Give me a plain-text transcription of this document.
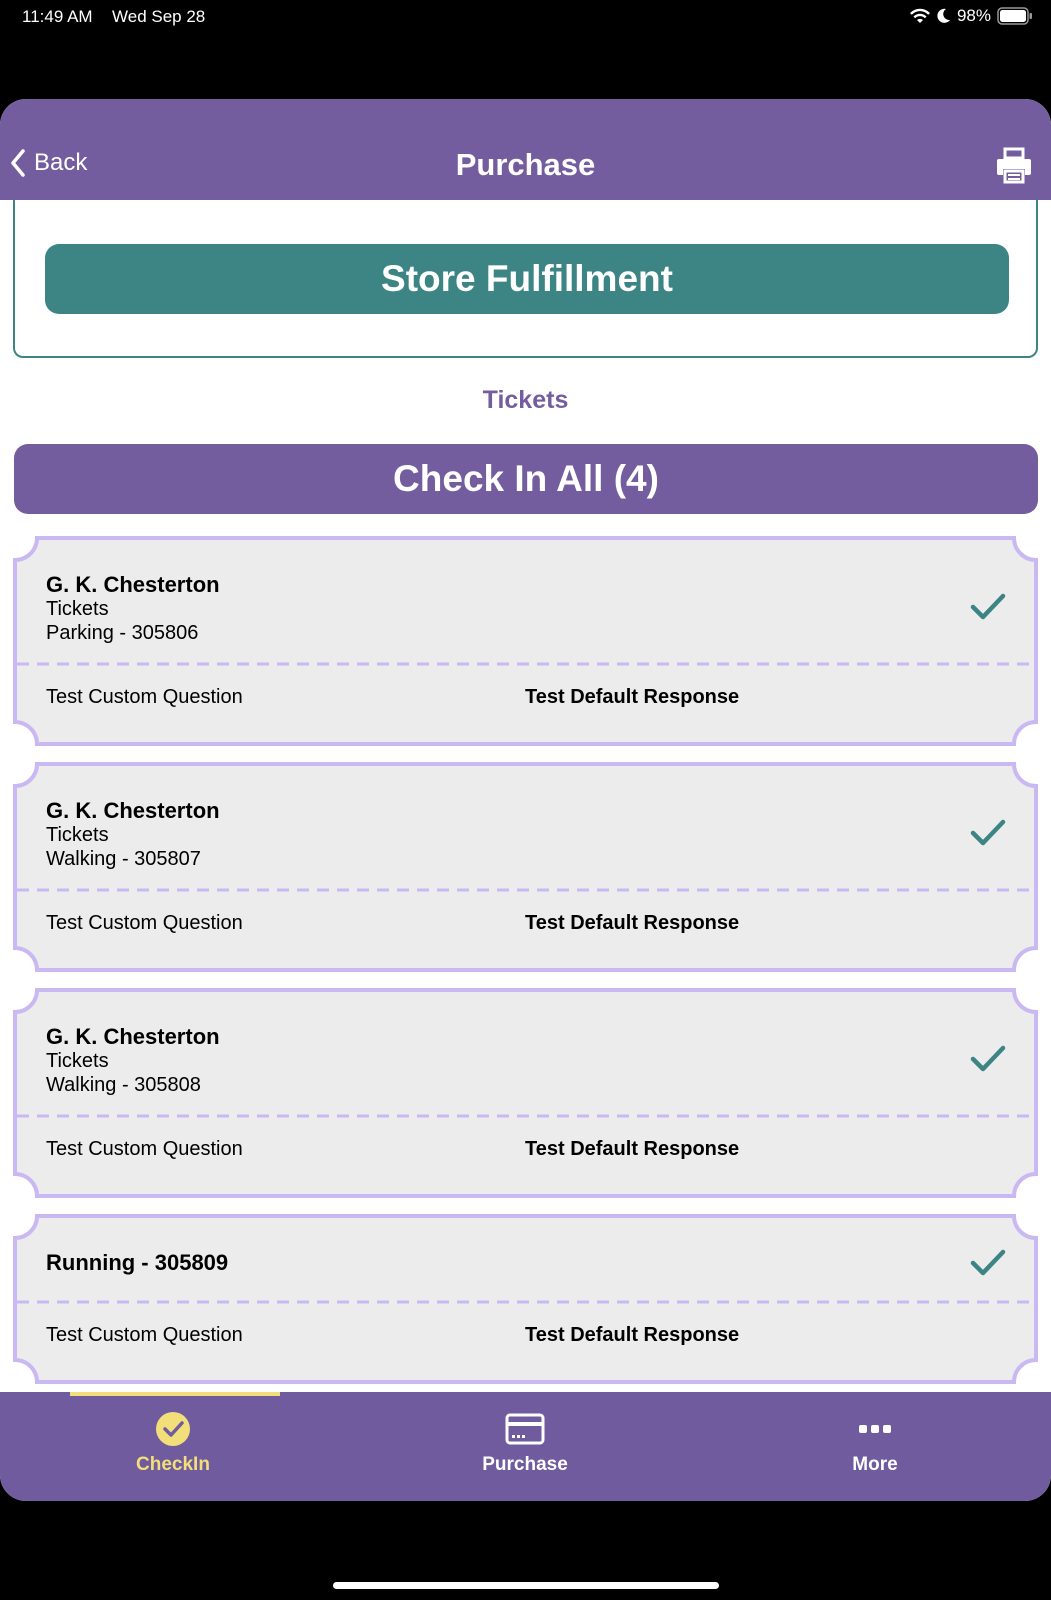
11:49 AM Wed Sep 28	98%
Back	Purchase
Store Fulfillment
Tickets
Check In All (4)
G. K. Chesterton
Tickets
Parking - 305806
Test Custom Question	Test Default Response
G. K. Chesterton
Tickets
Walking - 305807
Test Custom Question	Test Default Response
G. K. Chesterton
Tickets
Walking - 305808
Test Custom Question	Test Default Response
Running - 305809
Test Custom Question	Test Default Response
CheckIn	Purchase	More
